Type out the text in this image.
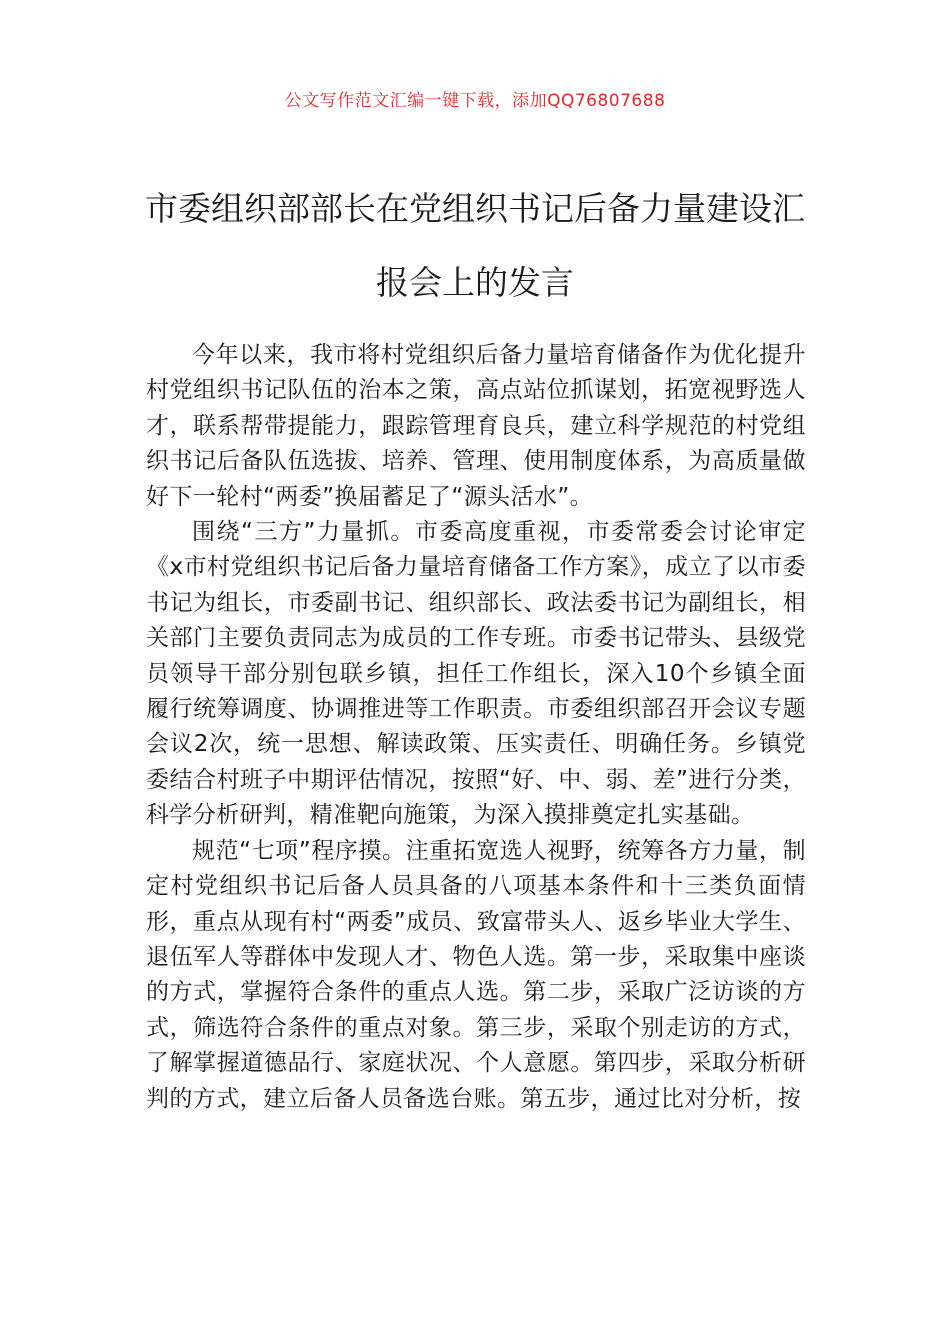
公文写作范文汇编一键下载，添加QQ76807688
市委组织部部长在党组织书记后备力量建设汇报会上的发言

今年以来，我市将村党组织后备力量培育储备作为优化提升村党组织书记队伍的治本之策，高点站位抓谋划，拓宽视野选人才，联系帮带提能力，跟踪管理育良兵，建立科学规范的村党组织书记后备队伍选拔、培养、管理、使用制度体系，为高质量做好下一轮村“两委”换届蓄足了“源头活水”。

围绕“三方”力量抓。市委高度重视，市委常委会讨论审定《x市村党组织书记后备力量培育储备工作方案》，成立了以市委书记为组长，市委副书记、组织部长、政法委书记为副组长，相关部门主要负责同志为成员的工作专班。市委书记带头、县级党员领导干部分别包联乡镇，担任工作组长，深入10个乡镇全面履行统筹调度、协调推进等工作职责。市委组织部召开会议专题会议2次，统一思想、解读政策、压实责任、明确任务。乡镇党委结合村班子中期评估情况，按照“好、中、弱、差”进行分类，科学分析研判，精准靶向施策，为深入摸排奠定扎实基础。

规范“七项”程序摸。注重拓宽选人视野，统筹各方力量，制定村党组织书记后备人员具备的八项基本条件和十三类负面情形，重点从现有村“两委”成员、致富带头人、返乡毕业大学生、退伍军人等群体中发现人才、物色人选。第一步，采取集中座谈的方式，掌握符合条件的重点人选。第二步，采取广泛访谈的方式，筛选符合条件的重点对象。第三步，采取个别走访的方式，了解掌握道德品行、家庭状况、个人意愿。第四步，采取分析研判的方式，建立后备人员备选台账。第五步，通过比对分析，按
